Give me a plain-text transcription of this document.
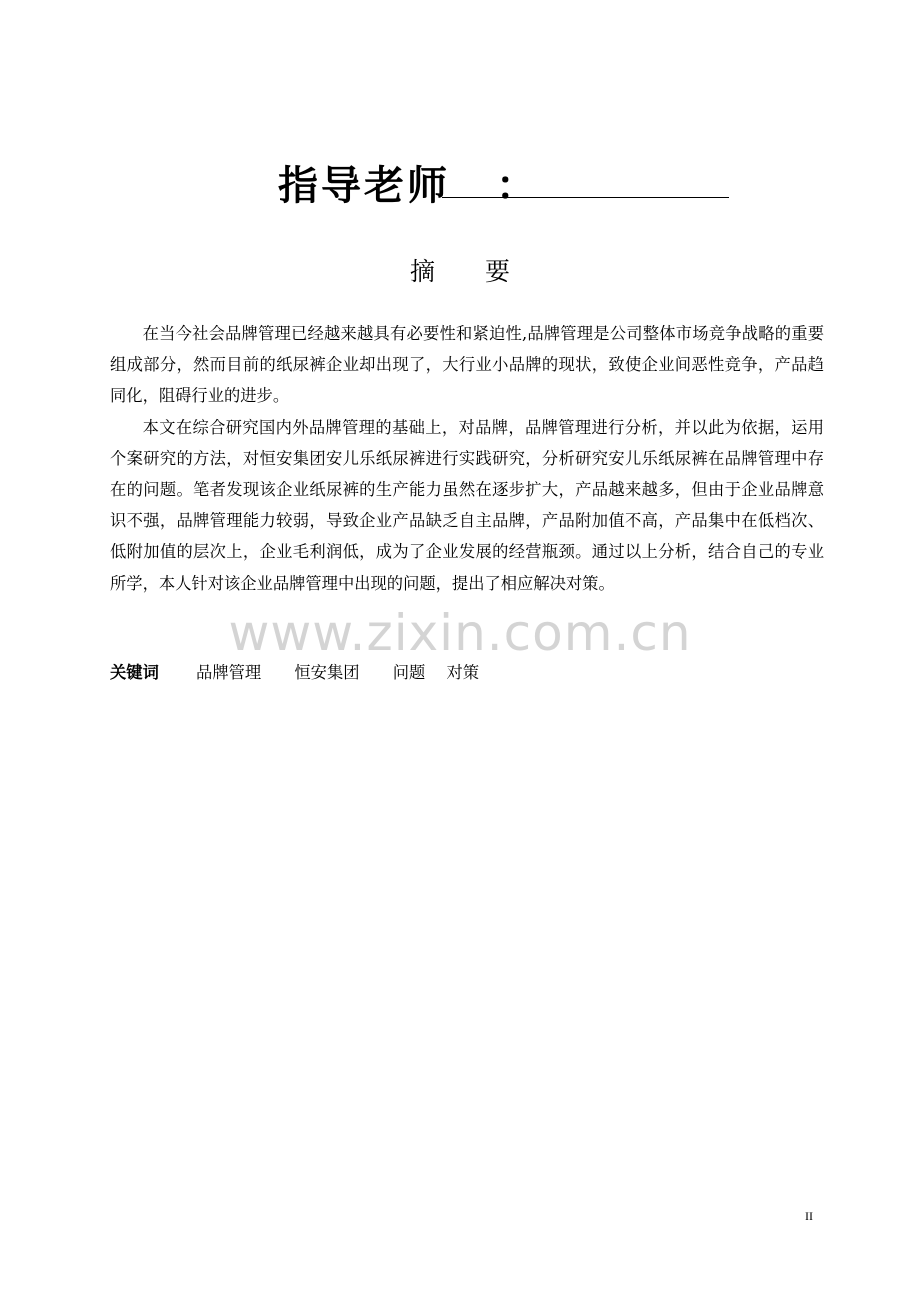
指导老师 ：
摘要

在当今社会品牌管理已经越来越具有必要性和紧迫性,品牌管理是公司整体市场竞争战略的重要组成部分，然而目前的纸尿裤企业却出现了，大行业小品牌的现状，致使企业间恶性竞争，产品趋同化，阻碍行业的进步。

本文在综合研究国内外品牌管理的基础上，对品牌，品牌管理进行分析，并以此为依据，运用个案研究的方法，对恒安集团安儿乐纸尿裤进行实践研究，分析研究安儿乐纸尿裤在品牌管理中存在的问题。笔者发现该企业纸尿裤的生产能力虽然在逐步扩大，产品越来越多，但由于企业品牌意识不强，品牌管理能力较弱，导致企业产品缺乏自主品牌，产品附加值不高，产品集中在低档次、低附加值的层次上，企业毛利润低，成为了企业发展的经营瓶颈。通过以上分析，结合自己的专业所学，本人针对该企业品牌管理中出现的问题，提出了相应解决对策。

www.zixin.com.cn
关键词 品牌管理 恒安集团 问题 对策
II
